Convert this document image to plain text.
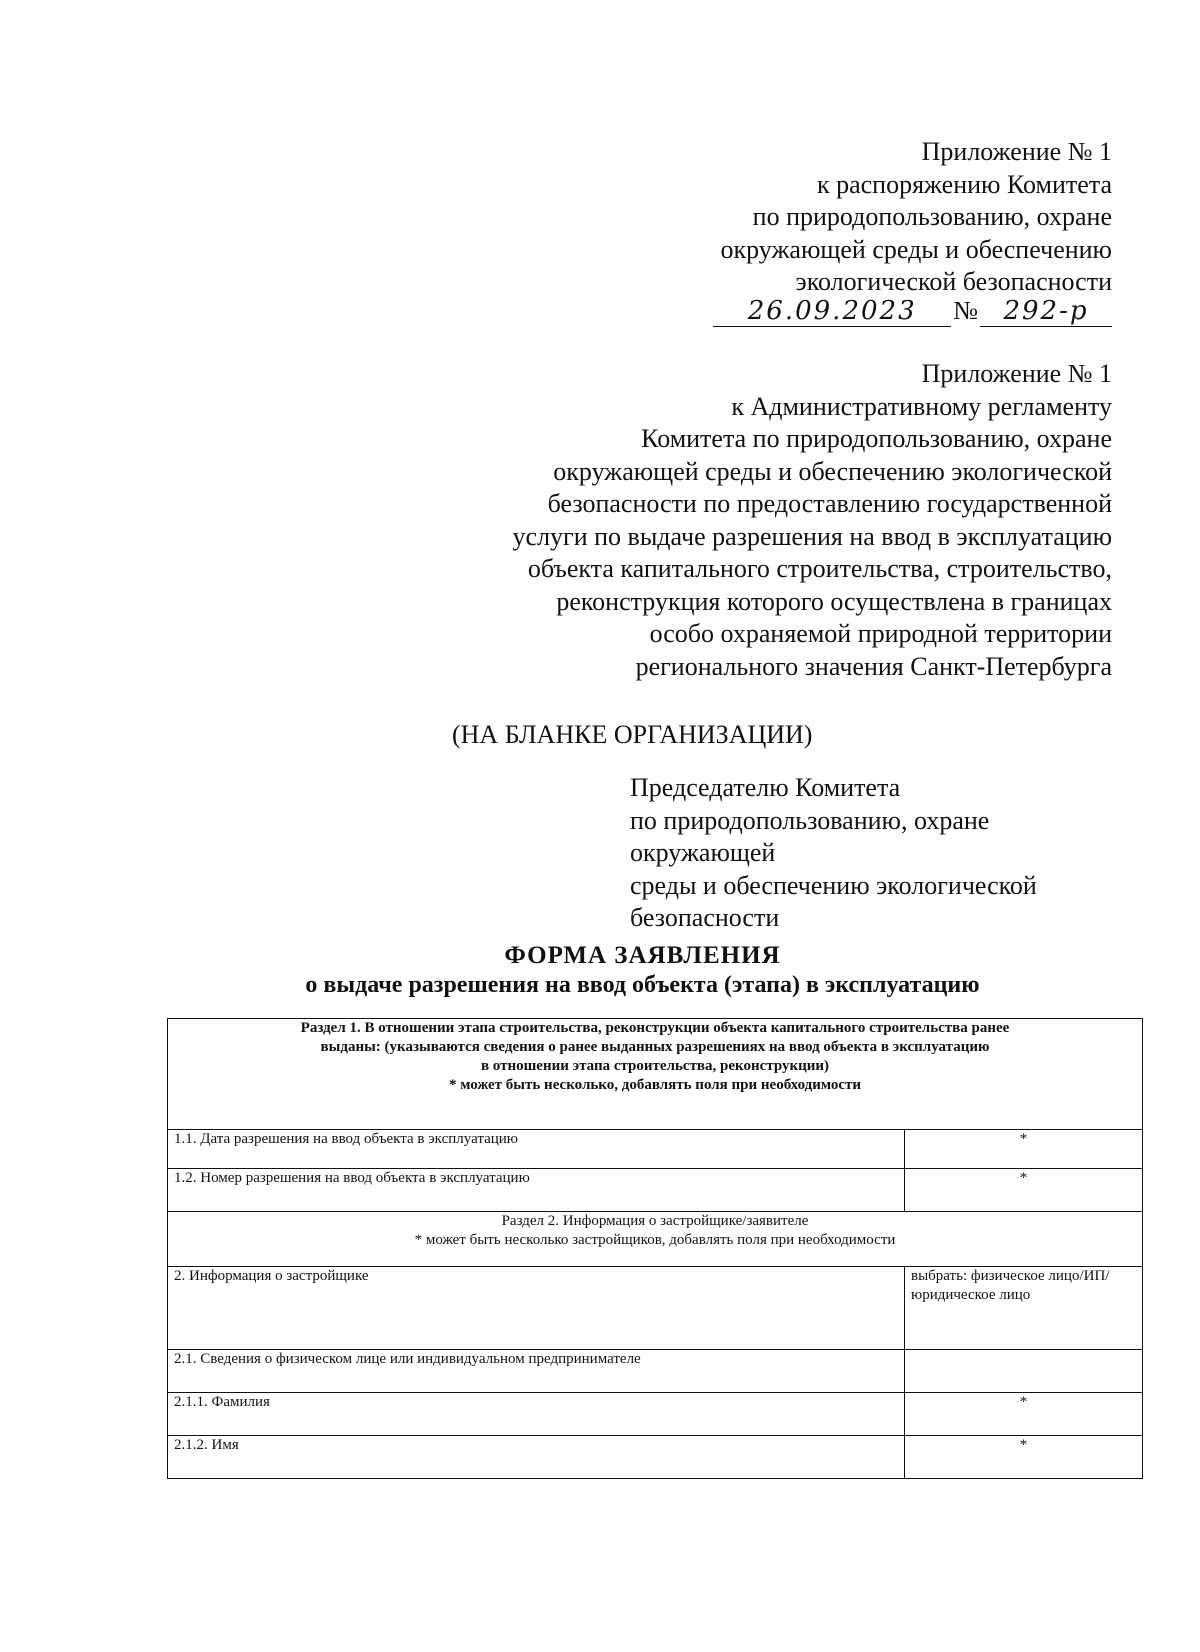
Приложение № 1
к распоряжению Комитета
по природопользованию, охране
окружающей среды и обеспечению
экологической безопасности
26.09.2023 № 292-р
Приложение № 1
к Административному регламенту
Комитета по природопользованию, охране
окружающей среды и обеспечению экологической
безопасности по предоставлению государственной
услуги по выдаче разрешения на ввод в эксплуатацию
объекта капитального строительства, строительство,
реконструкция которого осуществлена в границах
особо охраняемой природной территории
регионального значения Санкт-Петербурга
(НА БЛАНКЕ ОРГАНИЗАЦИИ)
Председателю Комитета
по природопользованию, охране
окружающей
среды и обеспечению экологической
безопасности
ФОРМА ЗАЯВЛЕНИЯ
о выдаче разрешения на ввод объекта (этапа) в эксплуатацию
Раздел 1. В отношении этапа строительства, реконструкции объекта капитального строительства ранее
выданы: (указываются сведения о ранее выданных разрешениях на ввод объекта в эксплуатацию
в отношении этапа строительства, реконструкции)
* может быть несколько, добавлять поля при необходимости	

1.1. Дата разрешения на ввод объекта в эксплуатацию	*
1.2. Номер разрешения на ввод объекта в эксплуатацию	*

Раздел 2. Информация о застройщике/заявителе
* может быть несколько застройщиков, добавлять поля при необходимости	

2. Информация о застройщике	выбрать: физическое лицо/ИП/юридическое лицо
2.1. Сведения о физическом лице или индивидуальном предпринимателе	
2.1.1. Фамилия	*
2.1.2. Имя	*
